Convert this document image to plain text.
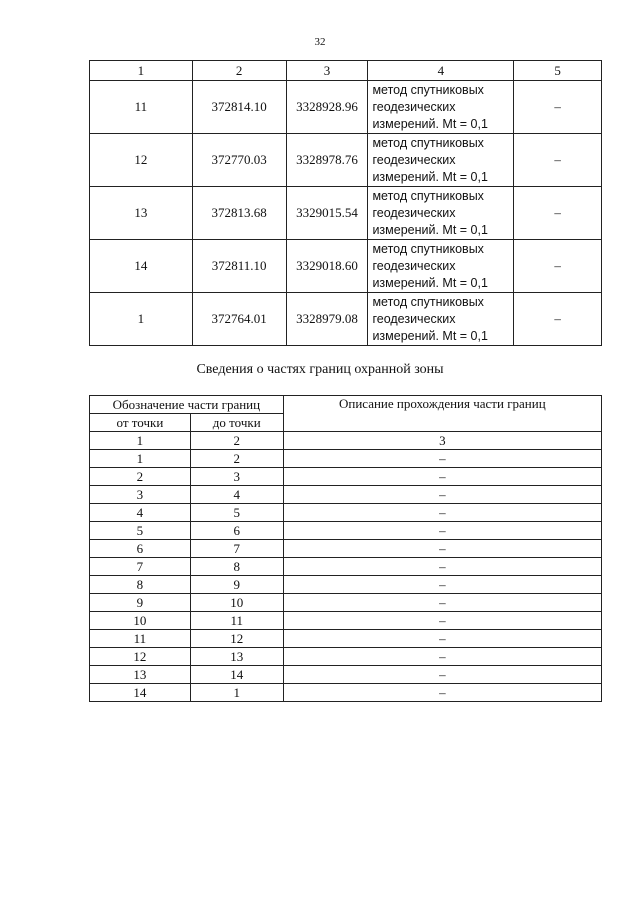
32
1	2	3	4	5
11	372814.10	3328928.96	метод спутниковых
геодезических
измерений. Mt = 0,1	–
12	372770.03	3328978.76	метод спутниковых
геодезических
измерений. Mt = 0,1	–
13	372813.68	3329015.54	метод спутниковых
геодезических
измерений. Mt = 0,1	–
14	372811.10	3329018.60	метод спутниковых
геодезических
измерений. Mt = 0,1	–
1	372764.01	3328979.08	метод спутниковых
геодезических
измерений. Mt = 0,1	–
Сведения о частях границ охранной зоны
Обозначение части границ		Описание прохождения части границ
от точки	до точки	
1	2	3
1	2	–
2	3	–
3	4	–
4	5	–
5	6	–
6	7	–
7	8	–
8	9	–
9	10	–
10	11	–
11	12	–
12	13	–
13	14	–
14	1	–
